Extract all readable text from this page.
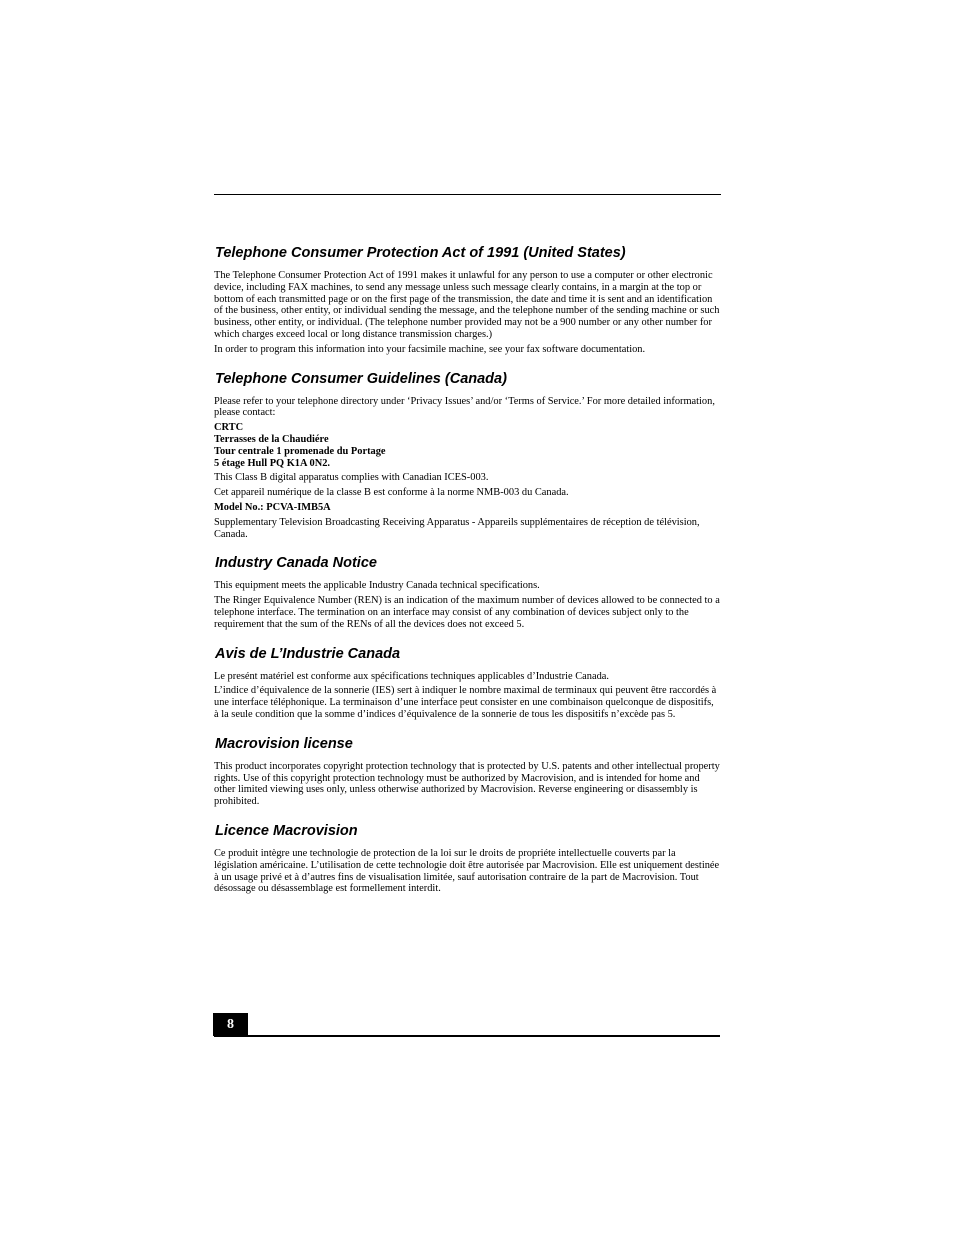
Telephone Consumer Protection Act of 1991 (United States)

The Telephone Consumer Protection Act of 1991 makes it unlawful for any person to use a computer or other electronic device, including FAX machines, to send any message unless such message clearly contains, in a margin at the top or bottom of each transmitted page or on the first page of the transmission, the date and time it is sent and an identification of the business, other entity, or individual sending the message, and the telephone number of the sending machine or such business, other entity, or individual. (The telephone number provided may not be a 900 number or any other number for which charges exceed local or long distance transmission charges.)

In order to program this information into your facsimile machine, see your fax software documentation.

Telephone Consumer Guidelines (Canada)

Please refer to your telephone directory under ‘Privacy Issues’ and/or ‘Terms of Service.’ For more detailed information, please contact:

CRTC
Terrasses de la Chaudiére
Tour centrale 1 promenade du Portage
5 étage Hull PQ K1A 0N2.

This Class B digital apparatus complies with Canadian ICES-003.

Cet appareil numérique de la classe B est conforme à la norme NMB-003 du Canada.

Model No.: PCVA-IMB5A

Supplementary Television Broadcasting Receiving Apparatus - Appareils supplémentaires de réception de télévision, Canada.

Industry Canada Notice

This equipment meets the applicable Industry Canada technical specifications.

The Ringer Equivalence Number (REN) is an indication of the maximum number of devices allowed to be connected to a telephone interface. The termination on an interface may consist of any combination of devices subject only to the requirement that the sum of the RENs of all the devices does not exceed 5.

Avis de L’Industrie Canada

Le presént matériel est conforme aux spécifications techniques applicables d’Industrie Canada.

L’indice d’équivalence de la sonnerie (IES) sert à indiquer le nombre maximal de terminaux qui peuvent être raccordés à une interface téléphonique. La terminaison d’une interface peut consister en une combinaison quelconque de dispositifs, à la seule condition que la somme d’indices d’équivalence de la sonnerie de tous les dispositifs n’excède pas 5.

Macrovision license

This product incorporates copyright protection technology that is protected by U.S. patents and other intellectual property rights. Use of this copyright protection technology must be authorized by Macrovision, and is intended for home and other limited viewing uses only, unless otherwise authorized by Macrovision. Reverse engineering or disassembly is prohibited.

Licence Macrovision

Ce produit intègre une technologie de protection de la loi sur le droits de propriéte intellectuelle couverts par la législation américaine. L’utilisation de cette technologie doit être autorisée par Macrovision. Elle est uniquement destinée à un usage privé et à d’autres fins de visualisation limitée, sauf autorisation contraire de la part de Macrovision. Tout désossage ou désassemblage est formellement interdit.

8
